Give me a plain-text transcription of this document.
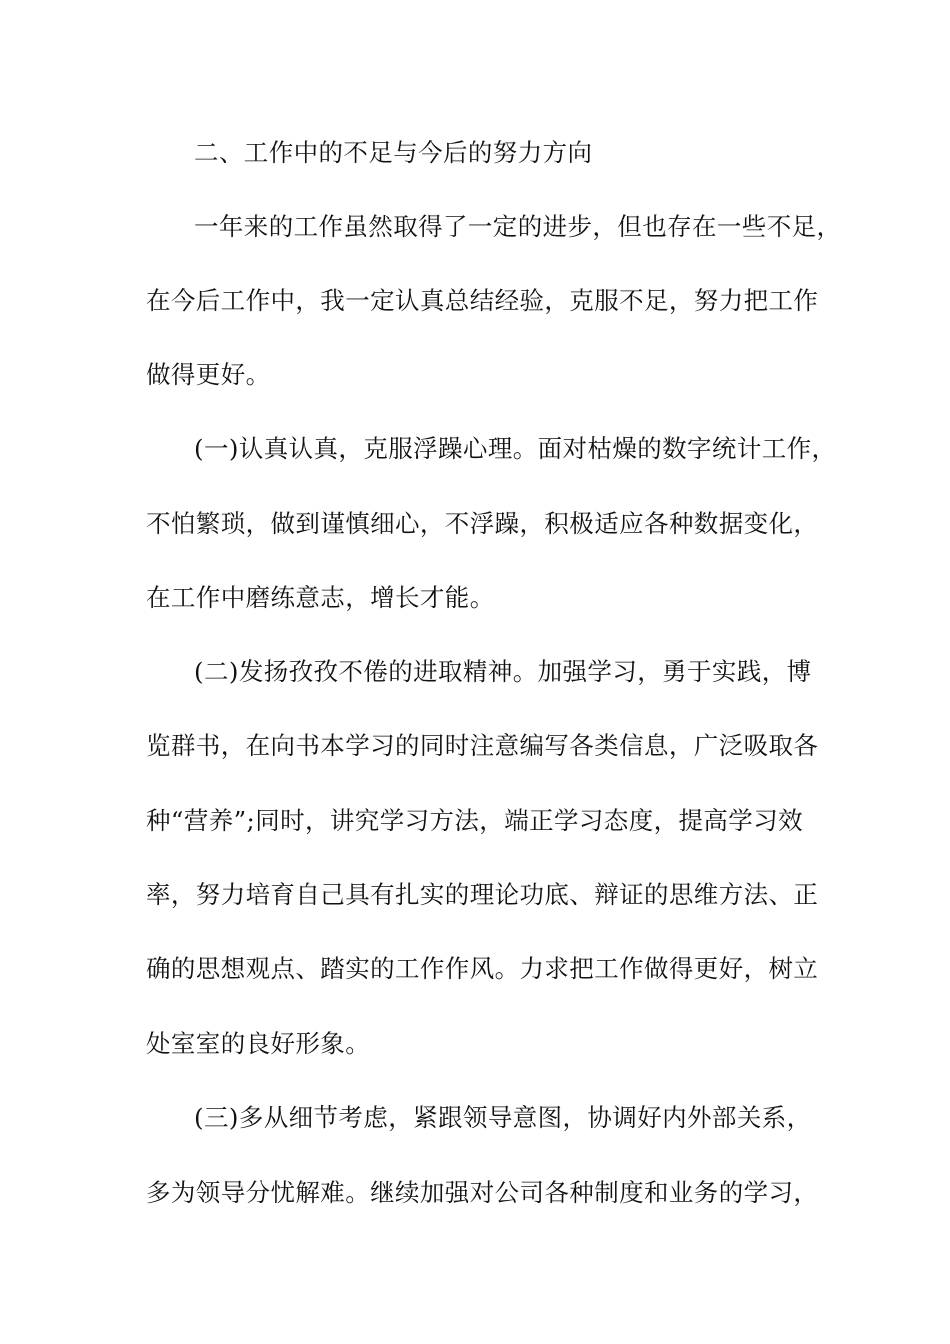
二、工作中的不足与今后的努力方向
一年来的工作虽然取得了一定的进步，但也存在一些不足，
在今后工作中，我一定认真总结经验，克服不足，努力把工作
做得更好。
(一)认真认真，克服浮躁心理。面对枯燥的数字统计工作，
不怕繁琐，做到谨慎细心，不浮躁，积极适应各种数据变化，
在工作中磨练意志，增长才能。
(二)发扬孜孜不倦的进取精神。加强学习，勇于实践，博
览群书，在向书本学习的同时注意编写各类信息，广泛吸取各
种“营养”;同时，讲究学习方法，端正学习态度，提高学习效
率，努力培育自己具有扎实的理论功底、辩证的思维方法、正
确的思想观点、踏实的工作作风。力求把工作做得更好，树立
处室室的良好形象。
(三)多从细节考虑，紧跟领导意图，协调好内外部关系，
多为领导分忧解难。继续加强对公司各种制度和业务的学习，
